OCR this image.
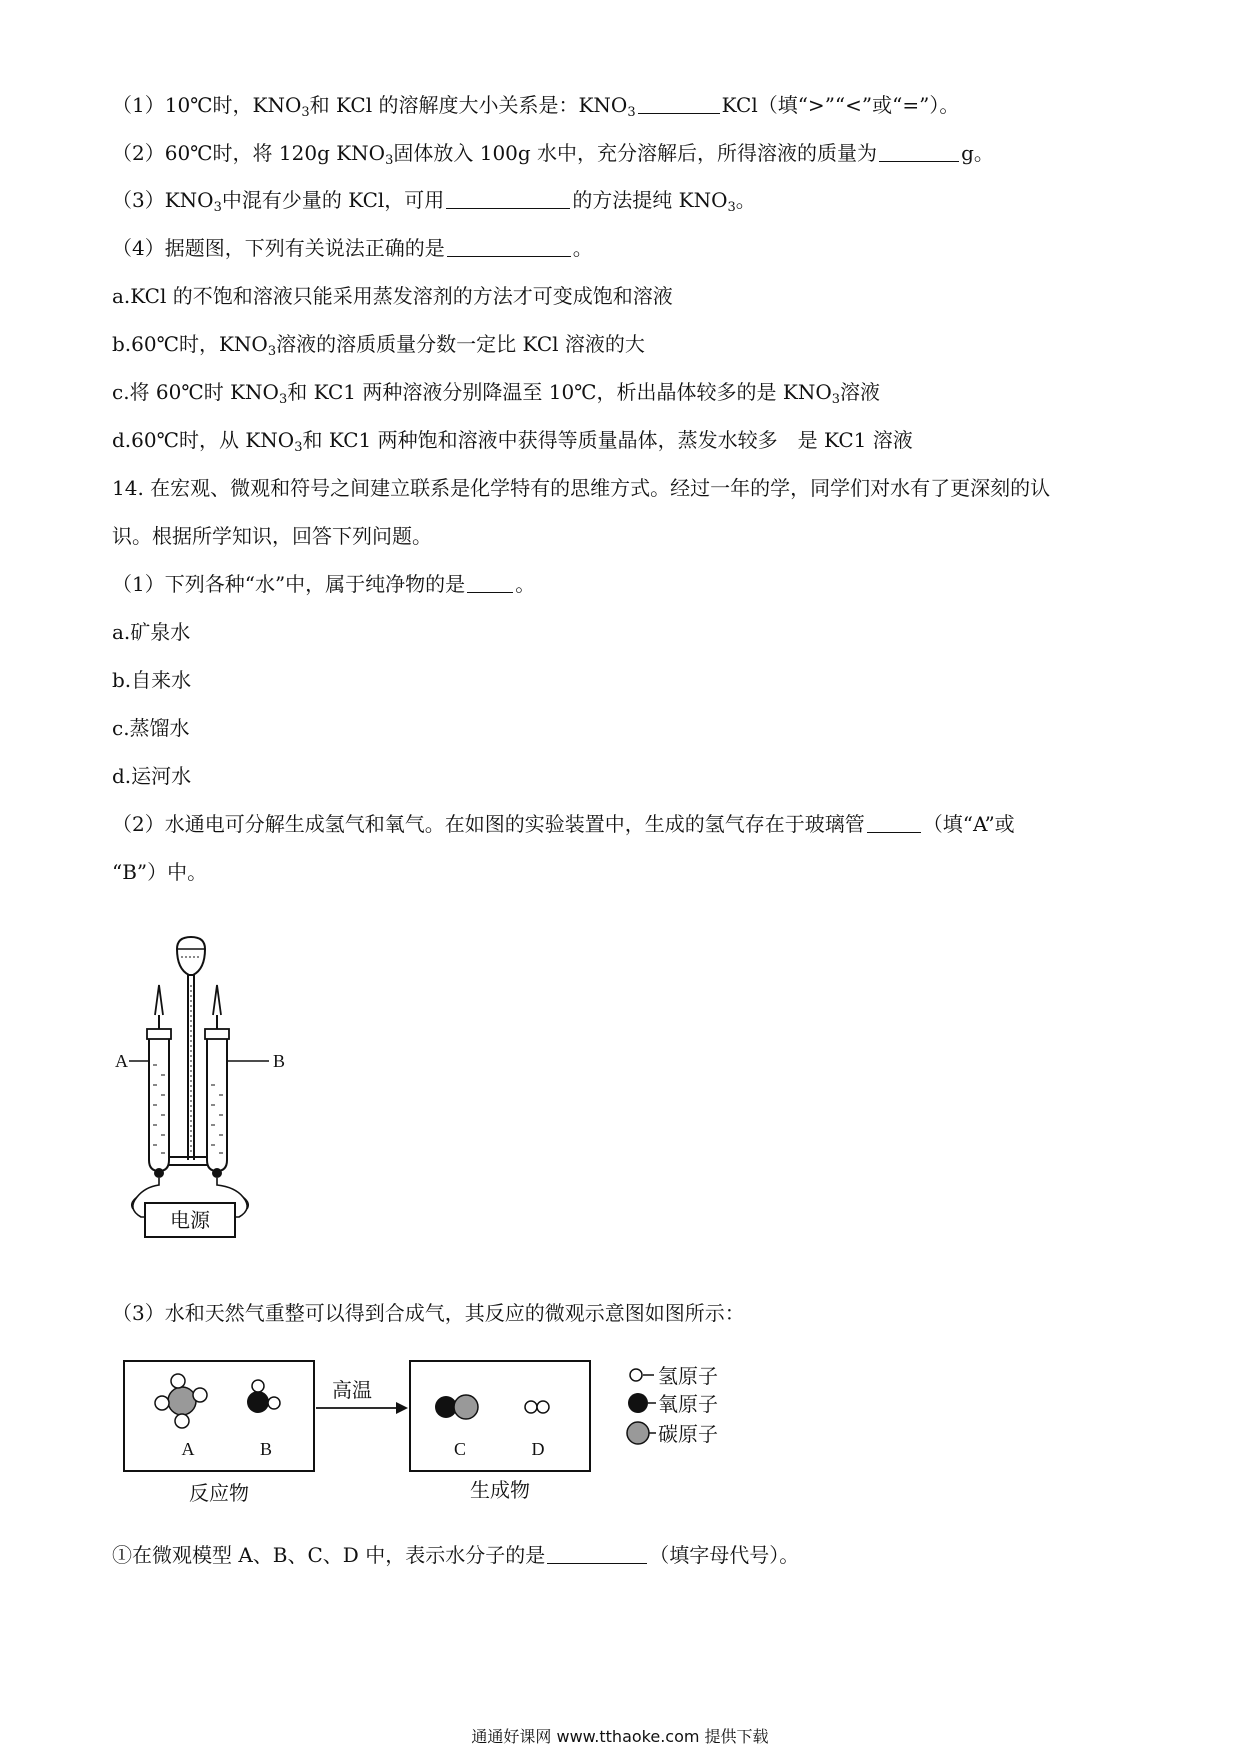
（1）10℃时，$KNO_3$和 KCl 的溶解度大小关系是：$KNO_3$	KCl（填“>”“<”或“=”）。
（2）60℃时，将 120g $KNO_3$固体放入 100g 水中，充分溶解后，所得溶液的质量为	g。
$(3)KNO_3$中混有少量的 KCl，可用	的方法提纯 $KNO_3$。
（4）据题图，下列有关说法正确的是	。
a.KCl 的不饱和溶液只能采用蒸发溶剂的方法才可变成饱和溶液
b.60℃时，$KNO_3$溶液的溶质质量分数一定比 KCl 溶液的大
c.将 60℃时 $KNO_3$和 KC1 两种溶液分别降温至 10℃，析出晶体较多的是 $KNO_3$溶液
d.60℃时，从 $KNO_3$和 KC1 两种饱和溶液中获得等质量晶体，蒸发水较多　是 KC1 溶液
14. 在宏观、微观和符号之间建立联系是化学特有的思维方式。经过一年的学，同学们对水有了更深刻的认
识。根据所学知识，回答下列问题。
（1）下列各种“水”中，属于纯净物的是	。
a.矿泉水
b.自来水
c.蒸馏水
d.运河水
（2）水通电可分解生成氢气和氧气。在如图的实验装置中，生成的氢气存在于玻璃管	（填“A”或
“B”）中。
电源
A	B
（3）水和天然气重整可以得到合成气，其反应的微观示意图如图所示：
A	B
反应物
高温
C	D
生成物
氢原子
氧原子
碳原子
①在微观模型 A、B、C、D 中，表示水分子的是	（填字母代号）。
通通好课网 www.tthaoke.com 提供下载
